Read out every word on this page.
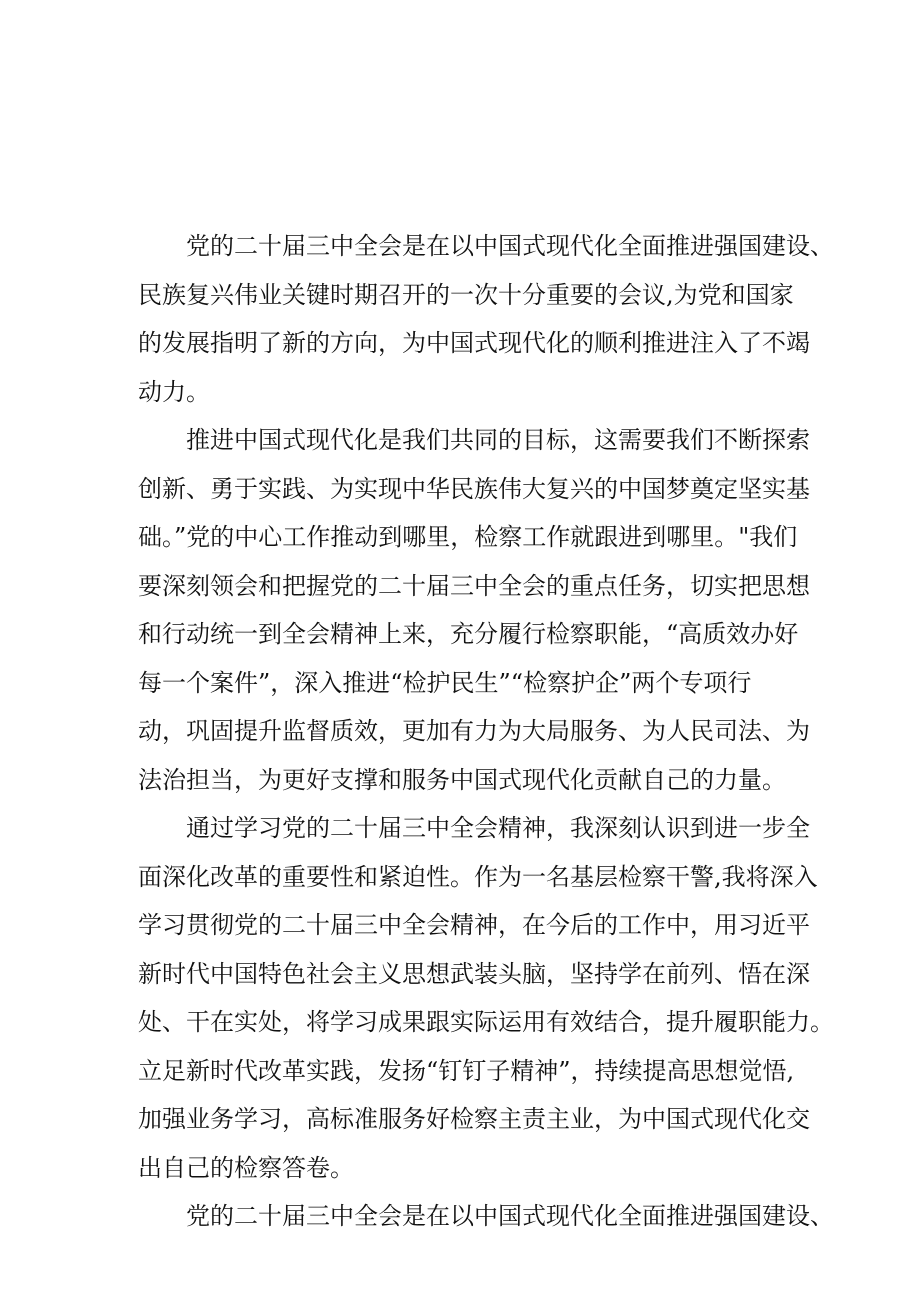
党的二十届三中全会是在以中国式现代化全面推进强国建设、
民族复兴伟业关键时期召开的一次十分重要的会议,为党和国家
的发展指明了新的方向，为中国式现代化的顺利推进注入了不竭
动力。
推进中国式现代化是我们共同的目标，这需要我们不断探索
创新、勇于实践、为实现中华民族伟大复兴的中国梦奠定坚实基
础。”党的中心工作推动到哪里，检察工作就跟进到哪里。"我们
要深刻领会和把握党的二十届三中全会的重点任务，切实把思想
和行动统一到全会精神上来，充分履行检察职能，“高质效办好
每一个案件”，深入推进“检护民生”“检察护企”两个专项行
动，巩固提升监督质效，更加有力为大局服务、为人民司法、为
法治担当，为更好支撑和服务中国式现代化贡献自己的力量。
通过学习党的二十届三中全会精神，我深刻认识到进一步全
面深化改革的重要性和紧迫性。作为一名基层检察干警,我将深入
学习贯彻党的二十届三中全会精神，在今后的工作中，用习近平
新时代中国特色社会主义思想武装头脑，坚持学在前列、悟在深
处、干在实处，将学习成果跟实际运用有效结合，提升履职能力。
立足新时代改革实践，发扬“钉钉子精神”，持续提高思想觉悟,
加强业务学习，高标准服务好检察主责主业，为中国式现代化交
出自己的检察答卷。
党的二十届三中全会是在以中国式现代化全面推进强国建设、
